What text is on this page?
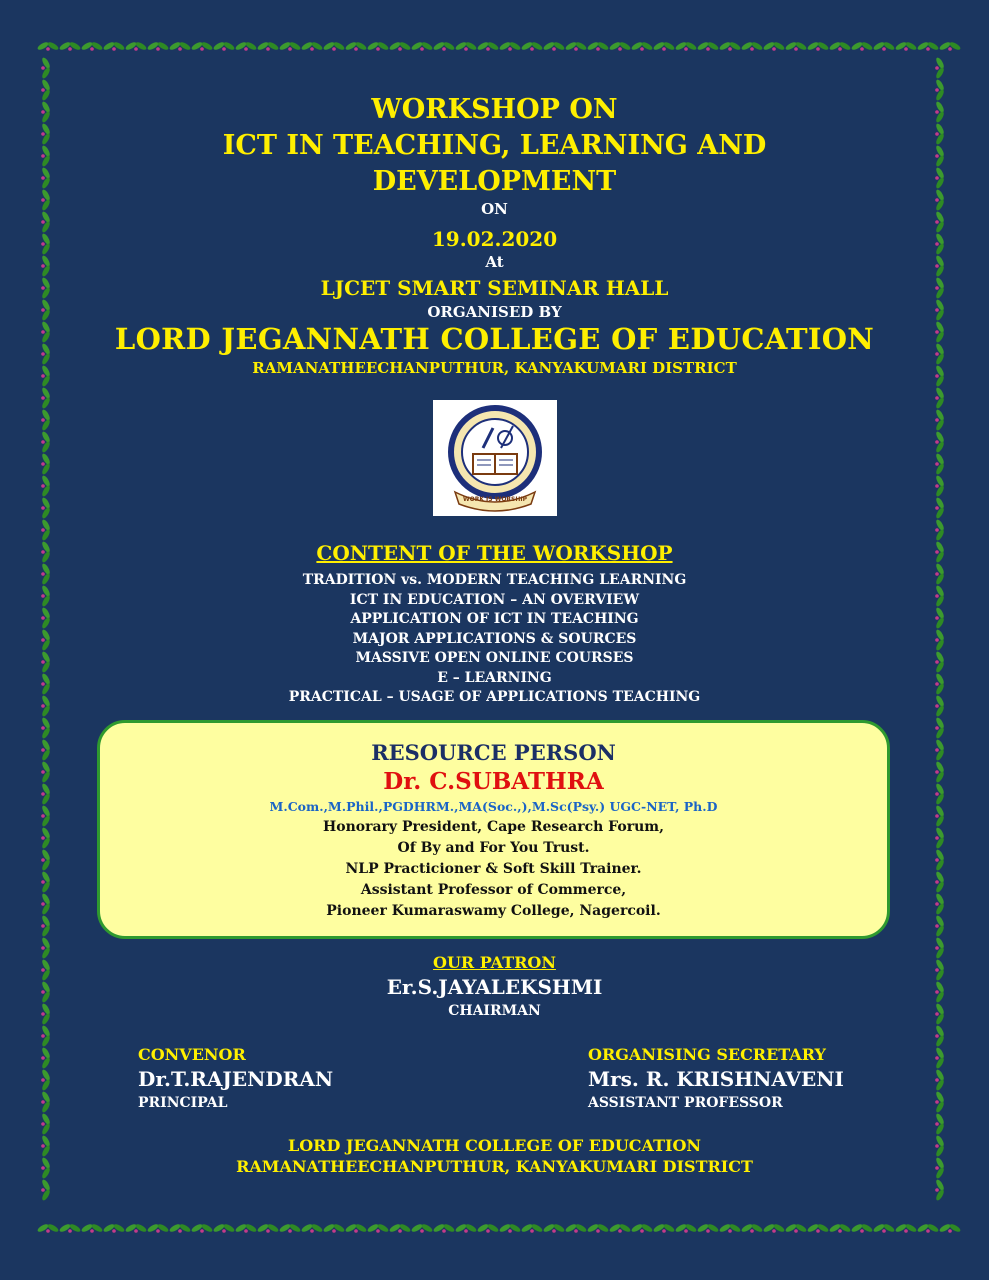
WORKSHOP ON
ICT IN TEACHING, LEARNING AND
DEVELOPMENT
ON
19.02.2020
At
LJCET SMART SEMINAR HALL
ORGANISED BY
LORD JEGANNATH COLLEGE OF EDUCATION
RAMANATHEECHANPUTHUR, KANYAKUMARI DISTRICT
WORK IS WORSHIP
CONTENT OF THE WORKSHOP
TRADITION vs. MODERN TEACHING LEARNING
ICT IN EDUCATION – AN OVERVIEW
APPLICATION OF ICT IN TEACHING
MAJOR APPLICATIONS & SOURCES
MASSIVE OPEN ONLINE COURSES
E – LEARNING
PRACTICAL – USAGE OF APPLICATIONS TEACHING
RESOURCE PERSON
Dr. C.SUBATHRA
M.Com.,M.Phil.,PGDHRM.,MA(Soc.,),M.Sc(Psy.) UGC-NET, Ph.D
Honorary President, Cape Research Forum,
Of By and For You Trust.
NLP Practicioner & Soft Skill Trainer.
Assistant Professor of Commerce,
Pioneer Kumaraswamy College, Nagercoil.
OUR PATRON
Er.S.JAYALEKSHMI
CHAIRMAN
CONVENOR
Dr.T.RAJENDRAN
PRINCIPAL
ORGANISING SECRETARY
Mrs. R. KRISHNAVENI
ASSISTANT PROFESSOR
LORD JEGANNATH COLLEGE OF EDUCATION
RAMANATHEECHANPUTHUR, KANYAKUMARI DISTRICT
